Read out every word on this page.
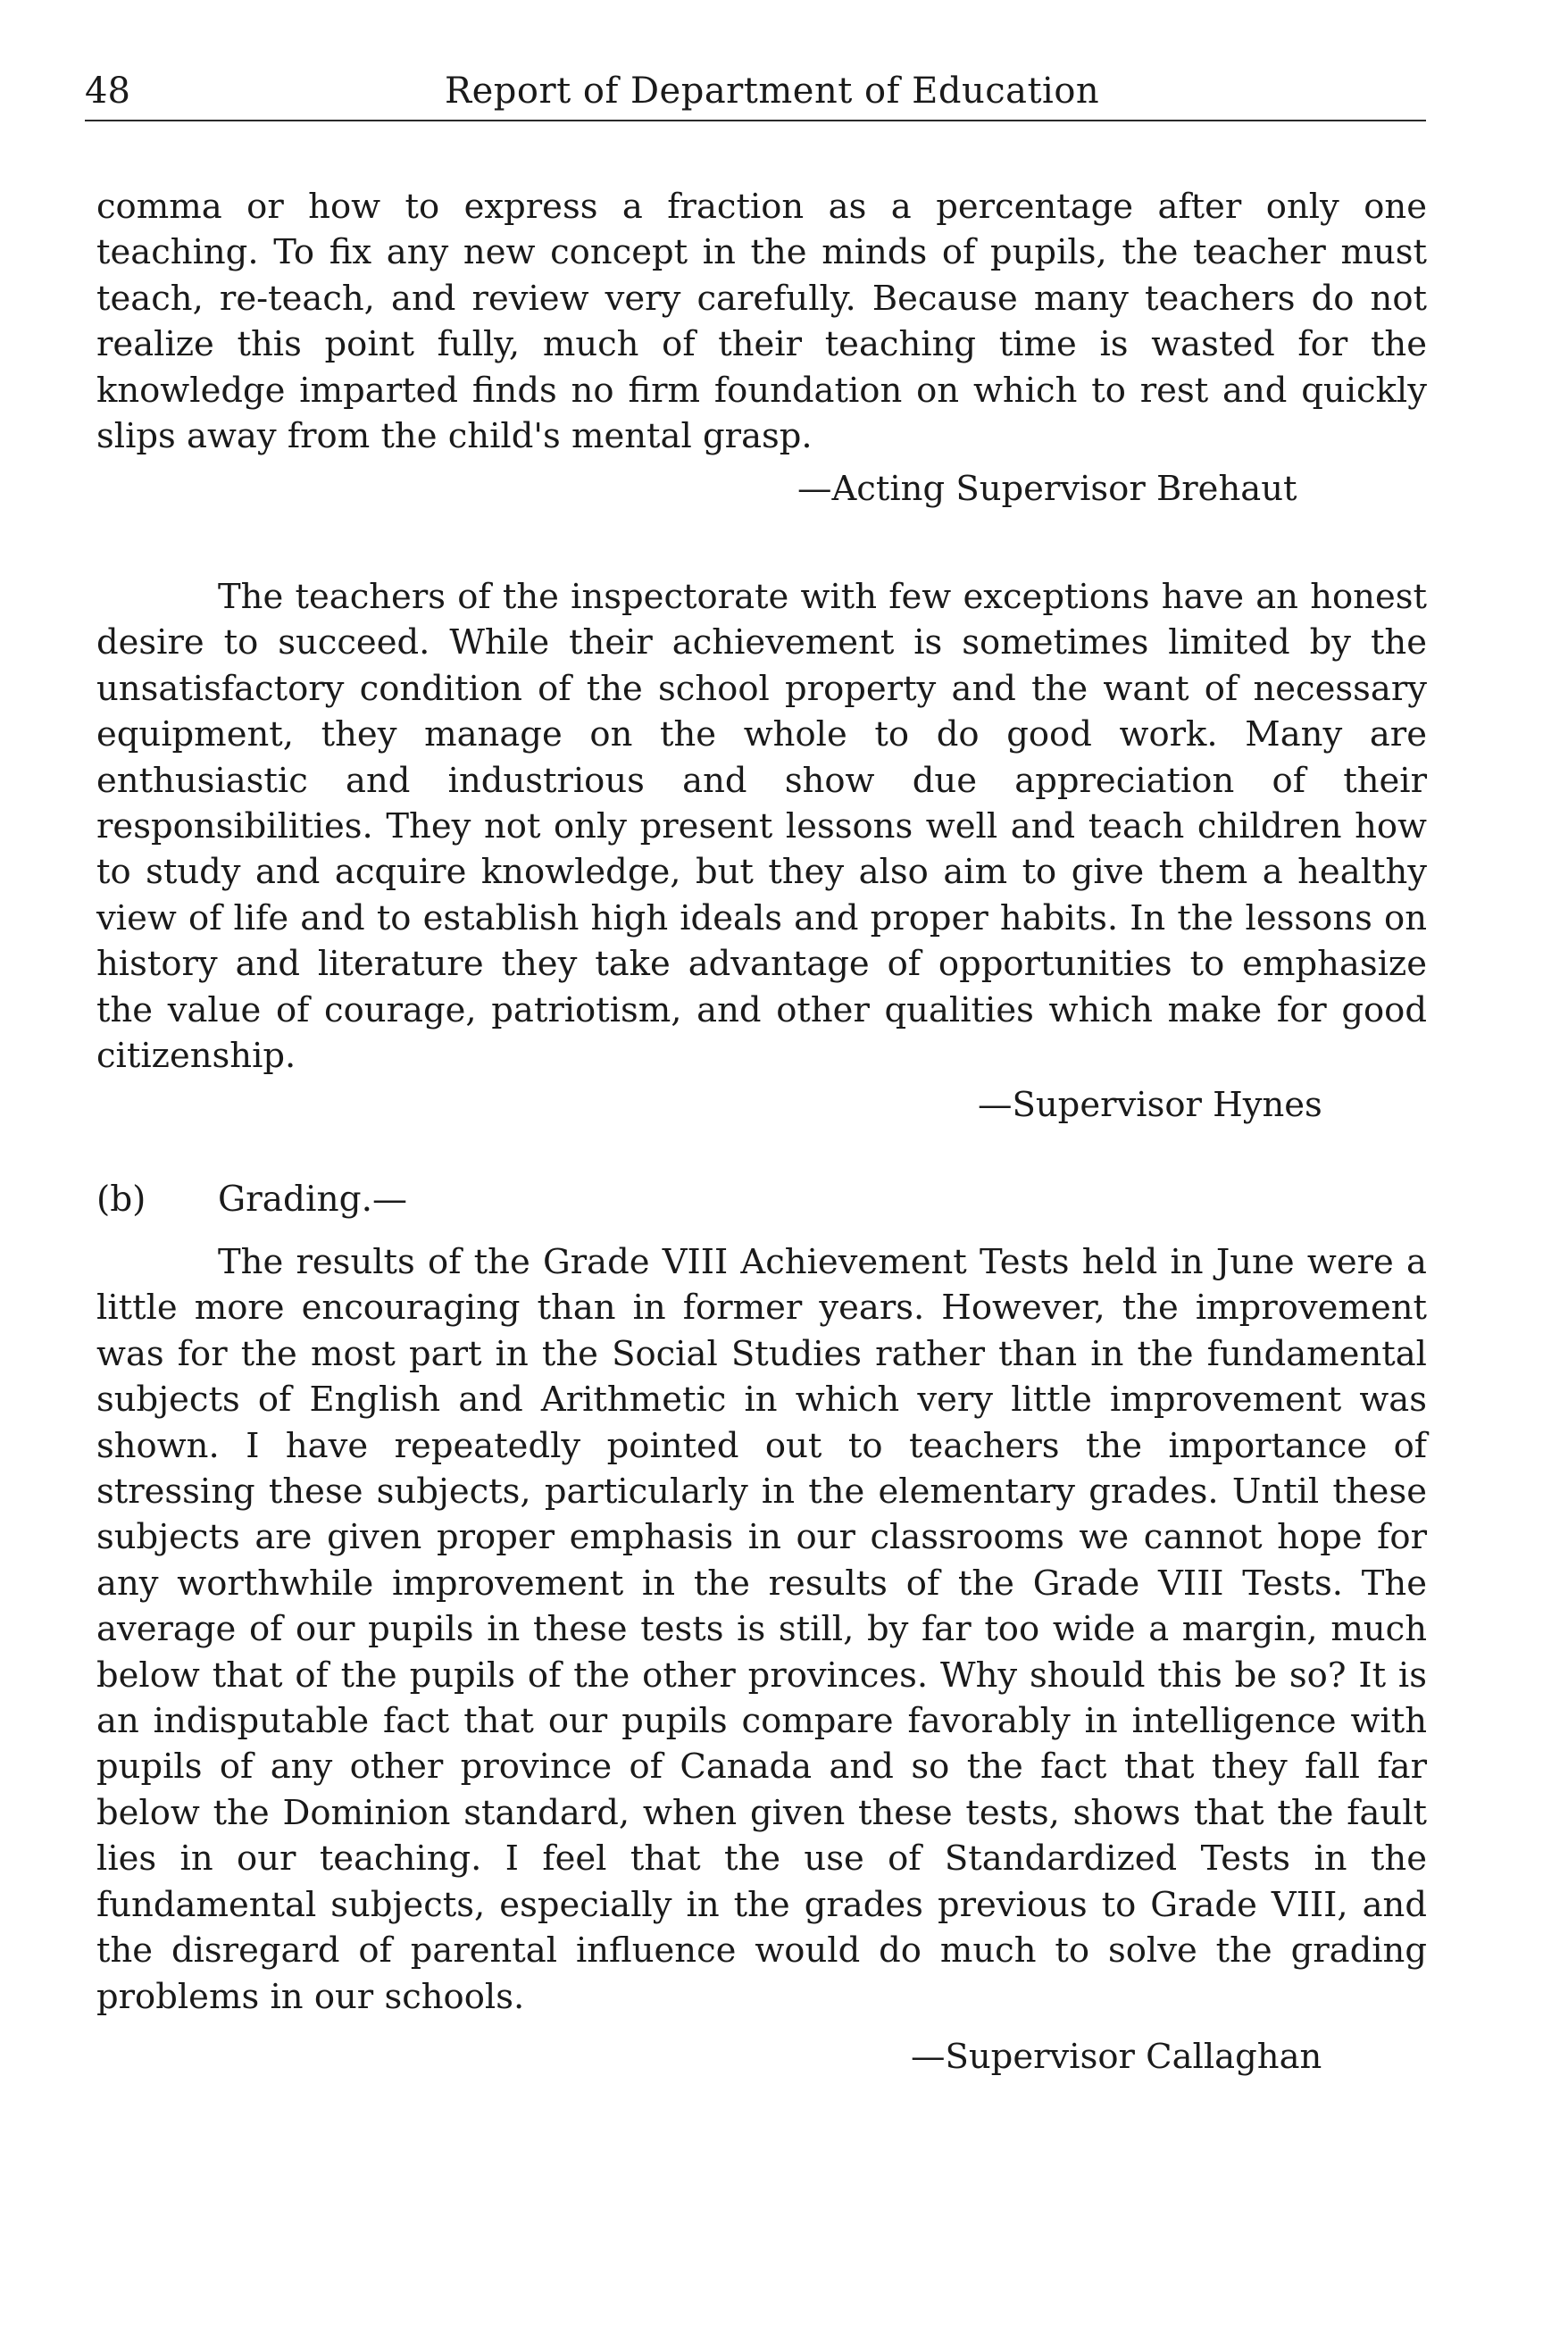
48	Report of Department of Education

comma or how to express a fraction as a percentage after only one teaching. To fix any new concept in the minds of pupils, the teacher must teach, re-teach, and review very carefully. Because many teachers do not realize this point fully, much of their teaching time is wasted for the knowledge imparted finds no firm foundation on which to rest and quickly slips away from the child's mental grasp.

—Acting Supervisor Brehaut

The teachers of the inspectorate with few exceptions have an honest desire to succeed. While their achievement is sometimes limited by the unsatisfactory condition of the school property and the want of necessary equipment, they manage on the whole to do good work. Many are enthusiastic and industrious and show due appreciation of their responsibilities. They not only present lessons well and teach children how to study and acquire knowledge, but they also aim to give them a healthy view of life and to establish high ideals and proper habits. In the lessons on history and literature they take advantage of opportunities to emphasize the value of courage, patriotism, and other qualities which make for good citizenship.

—Supervisor Hynes
(b) Grading.—

The results of the Grade VIII Achievement Tests held in June were a little more encouraging than in former years. However, the improvement was for the most part in the Social Studies rather than in the fundamental subjects of English and Arithmetic in which very little improvement was shown. I have repeatedly pointed out to teachers the importance of stressing these subjects, particularly in the elementary grades. Until these subjects are given proper emphasis in our classrooms we cannot hope for any worthwhile improvement in the results of the Grade VIII Tests. The average of our pupils in these tests is still, by far too wide a margin, much below that of the pupils of the other provinces. Why should this be so? It is an indisputable fact that our pupils compare favorably in intelligence with pupils of any other province of Canada and so the fact that they fall far below the Dominion standard, when given these tests, shows that the fault lies in our teaching. I feel that the use of Standardized Tests in the fundamental subjects, especially in the grades previous to Grade VIII, and the disregard of parental influence would do much to solve the grading problems in our schools.

—Supervisor Callaghan
